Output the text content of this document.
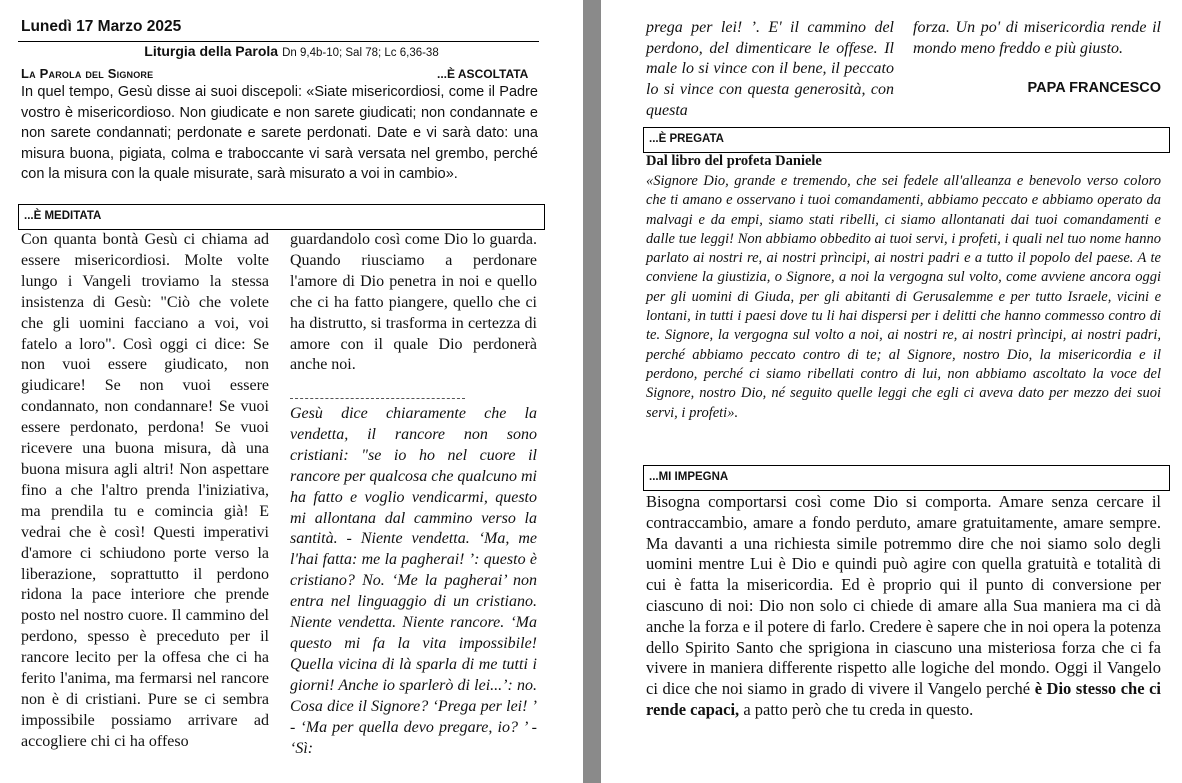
Lunedì 17 Marzo 2025
Liturgia della Parola Dn 9,4b-10; Sal 78; Lc 6,36-38
La Parola del Signore	...È ASCOLTATA
In quel tempo, Gesù disse ai suoi discepoli: «Siate misericordiosi, come il Padre vostro è misericordioso. Non giudicate e non sarete giudicati; non condannate e non sarete condannati; perdonate e sarete perdonati. Date e vi sarà dato: una misura buona, pigiata, colma e traboccante vi sarà versata nel grembo, perché con la misura con la quale misurate, sarà misurato a voi in cambio».
...È MEDITATA

Con quanta bontà Gesù ci chiama ad essere misericordiosi. Molte volte lungo i Vangeli troviamo la stessa insistenza di Gesù: "Ciò che volete che gli uomini facciano a voi, voi fatelo a loro". Così oggi ci dice: Se non vuoi essere giudicato, non giudicare! Se non vuoi essere condannato, non condannare! Se vuoi essere perdonato, perdona! Se vuoi ricevere una buona misura, dà una buona misura agli altri! Non aspettare fino a che l'altro prenda l'iniziativa, ma prendila tu e comincia già! E vedrai che è così! Questi imperativi d'amore ci schiudono porte verso la liberazione, soprattutto il perdono ridona la pace interiore che prende posto nel nostro cuore. Il cammino del perdono, spesso è preceduto per il rancore lecito per la offesa che ci ha ferito l'anima, ma fermarsi nel rancore non è di cristiani. Pure se ci sembra impossibile possiamo arrivare ad accogliere chi ci ha offeso

guardandolo così come Dio lo guarda. Quando riusciamo a perdonare l'amore di Dio penetra in noi e quello che ci ha fatto piangere, quello che ci ha distrutto, si trasforma in certezza di amore con il quale Dio perdonerà anche noi.

Gesù dice chiaramente che la vendetta, il rancore non sono cristiani: "se io ho nel cuore il rancore per qualcosa che qualcuno mi ha fatto e voglio vendicarmi, questo mi allontana dal cammino verso la santità. - Niente vendetta. ‘Ma, me l'hai fatta: me la pagherai! ’: questo è cristiano? No. ‘Me la pagherai’ non entra nel linguaggio di un cristiano. Niente vendetta. Niente rancore. ‘Ma questo mi fa la vita impossibile! Quella vicina di là sparla di me tutti i giorni! Anche io sparlerò di lei...’: no. Cosa dice il Signore? ‘Prega per lei! ’ - ‘Ma per quella devo pregare, io? ’ - ‘Sì:

prega per lei! ’. E' il cammino del perdono, del dimenticare le offese. Il male lo si vince con il bene, il peccato lo si vince con questa generosità, con questa

forza. Un po' di misericordia rende il mondo meno freddo e più giusto.

PAPA FRANCESCO
...È PREGATA
Dal libro del profeta Daniele

«Signore Dio, grande e tremendo, che sei fedele all'alleanza e benevolo verso coloro che ti amano e osservano i tuoi comandamenti, abbiamo peccato e abbiamo operato da malvagi e da empi, siamo stati ribelli, ci siamo allontanati dai tuoi comandamenti e dalle tue leggi! Non abbiamo obbedito ai tuoi servi, i profeti, i quali nel tuo nome hanno parlato ai nostri re, ai nostri prìncipi, ai nostri padri e a tutto il popolo del paese. A te conviene la giustizia, o Signore, a noi la vergogna sul volto, come avviene ancora oggi per gli uomini di Giuda, per gli abitanti di Gerusalemme e per tutto Israele, vicini e lontani, in tutti i paesi dove tu li hai dispersi per i delitti che hanno commesso contro di te. Signore, la vergogna sul volto a noi, ai nostri re, ai nostri prìncipi, ai nostri padri, perché abbiamo peccato contro di te; al Signore, nostro Dio, la misericordia e il perdono, perché ci siamo ribellati contro di lui, non abbiamo ascoltato la voce del Signore, nostro Dio, né seguito quelle leggi che egli ci aveva dato per mezzo dei suoi servi, i profeti».

...MI IMPEGNA

Bisogna comportarsi così come Dio si comporta. Amare senza cercare il contraccambio, amare a fondo perduto, amare gratuitamente, amare sempre. Ma davanti a una richiesta simile potremmo dire che noi siamo solo degli uomini mentre Lui è Dio e quindi può agire con quella gratuità e totalità di cui è fatta la misericordia. Ed è proprio qui il punto di conversione per ciascuno di noi: Dio non solo ci chiede di amare alla Sua maniera ma ci dà anche la forza e il potere di farlo. Credere è sapere che in noi opera la potenza dello Spirito Santo che sprigiona in ciascuno una misteriosa forza che ci fa vivere in maniera differente rispetto alle logiche del mondo. Oggi il Vangelo ci dice che noi siamo in grado di vivere il Vangelo perché è Dio stesso che ci rende capaci, a patto però che tu creda in questo.
